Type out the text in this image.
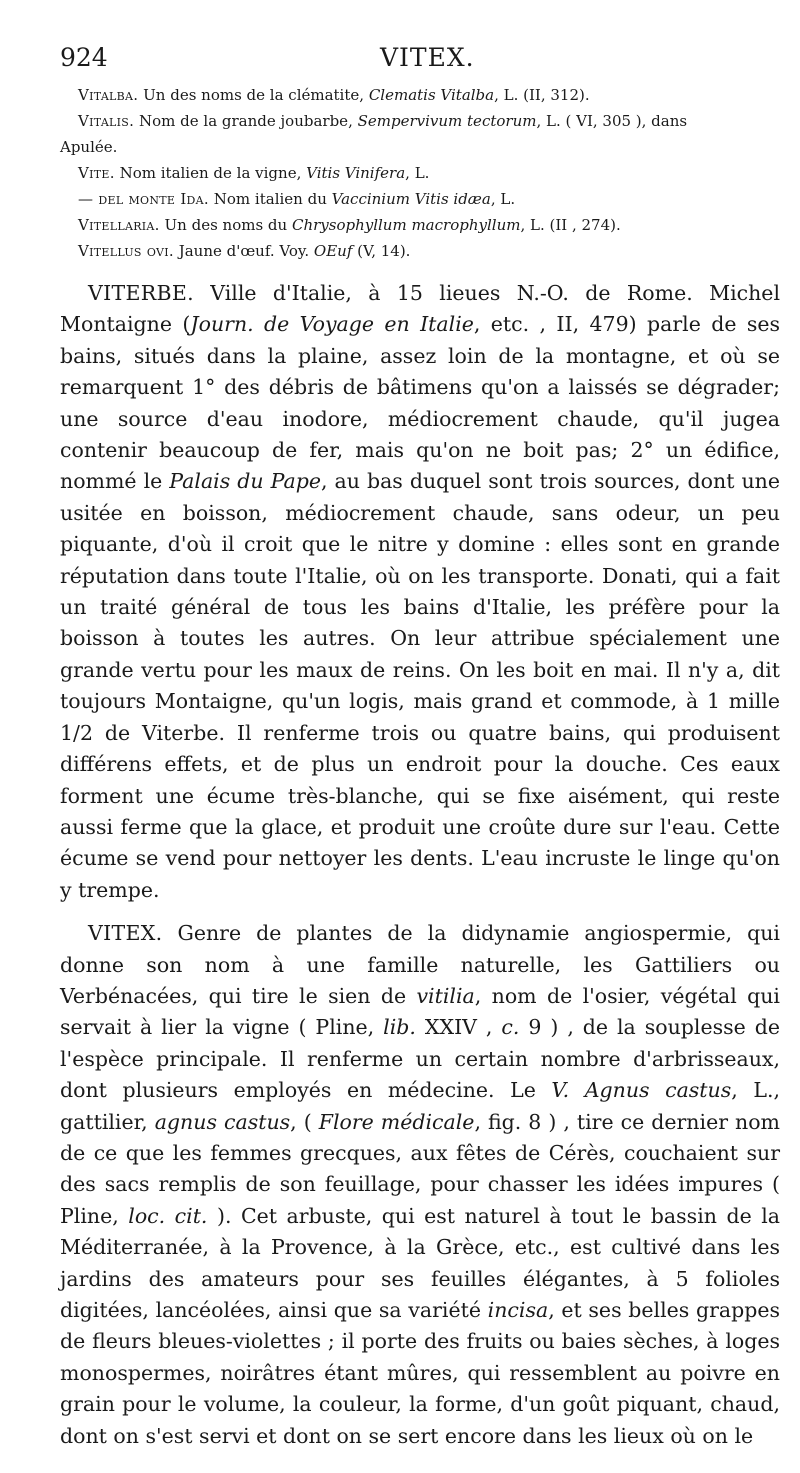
924	VITEX.

Vitalba. Un des noms de la clématite, Clematis Vitalba, L. (II, 312).

Vitalis. Nom de la grande joubarbe, Sempervivum tectorum, L. ( VI, 305 ), dans

Apulée.

Vite. Nom italien de la vigne, Vitis Vinifera, L.

— del monte Ida. Nom italien du Vaccinium Vitis idæa, L.

Vitellaria. Un des noms du Chrysophyllum macrophyllum, L. (II , 274).

Vitellus ovi. Jaune d'œuf. Voy. OEuf (V, 14).

VITERBE. Ville d'Italie, à 15 lieues N.-O. de Rome. Michel Montaigne (Journ. de Voyage en Italie, etc. , II, 479) parle de ses bains, situés dans la plaine, assez loin de la montagne, et où se remarquent 1° des débris de bâtimens qu'on a laissés se dégrader; une source d'eau inodore, médiocrement chaude, qu'il jugea contenir beaucoup de fer, mais qu'on ne boit pas; 2° un édifice, nommé le Palais du Pape, au bas duquel sont trois sources, dont une usitée en boisson, médiocrement chaude, sans odeur, un peu piquante, d'où il croit que le nitre y domine : elles sont en grande réputation dans toute l'Italie, où on les transporte. Donati, qui a fait un traité général de tous les bains d'Italie, les préfère pour la boisson à toutes les autres. On leur attribue spécialement une grande vertu pour les maux de reins. On les boit en mai. Il n'y a, dit toujours Montaigne, qu'un logis, mais grand et commode, à 1 mille 1/2 de Viterbe. Il renferme trois ou quatre bains, qui produisent différens effets, et de plus un endroit pour la douche. Ces eaux forment une écume très-blanche, qui se fixe aisément, qui reste aussi ferme que la glace, et produit une croûte dure sur l'eau. Cette écume se vend pour nettoyer les dents. L'eau incruste le linge qu'on y trempe.

VITEX. Genre de plantes de la didynamie angiospermie, qui donne son nom à une famille naturelle, les Gattiliers ou Verbénacées, qui tire le sien de vitilia, nom de l'osier, végétal qui servait à lier la vigne ( Pline, lib. XXIV , c. 9 ) , de la souplesse de l'espèce principale. Il renferme un certain nombre d'arbrisseaux, dont plusieurs employés en médecine. Le V. Agnus castus, L., gattilier, agnus castus, ( Flore médicale, fig. 8 ) , tire ce dernier nom de ce que les femmes grecques, aux fêtes de Cérès, couchaient sur des sacs remplis de son feuillage, pour chasser les idées impures ( Pline, loc. cit. ). Cet arbuste, qui est naturel à tout le bassin de la Méditerranée, à la Provence, à la Grèce, etc., est cultivé dans les jardins des amateurs pour ses feuilles élégantes, à 5 folioles digitées, lancéolées, ainsi que sa variété incisa, et ses belles grappes de fleurs bleues-violettes ; il porte des fruits ou baies sèches, à loges monospermes, noirâtres étant mûres, qui ressemblent au poivre en grain pour le volume, la couleur, la forme, d'un goût piquant, chaud, dont on s'est servi et dont on se sert encore dans les lieux où on le
